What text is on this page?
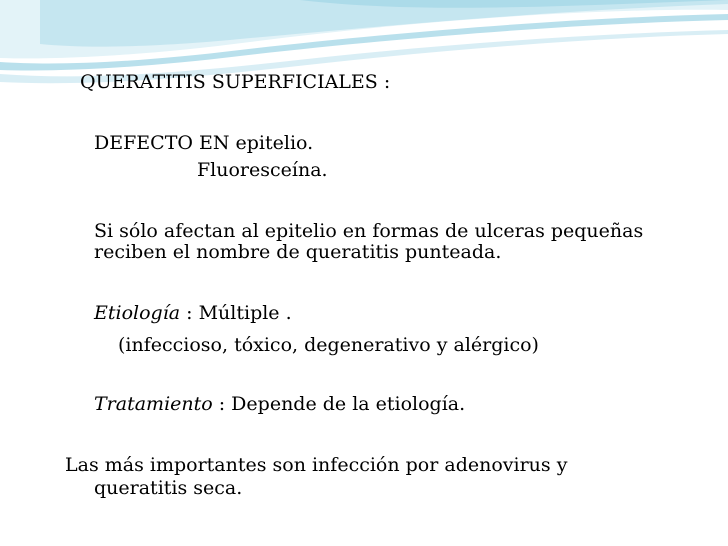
QUERATITIS SUPERFICIALES :
DEFECTO EN epitelio.
Fluoresceína.
Si sólo afectan al epitelio en formas de ulceras pequeñas
reciben el nombre de queratitis punteada.
Etiología : Múltiple .
(infeccioso, tóxico, degenerativo y alérgico)
Tratamiento : Depende de la etiología.
Las más importantes son infección por adenovirus y
queratitis seca.
